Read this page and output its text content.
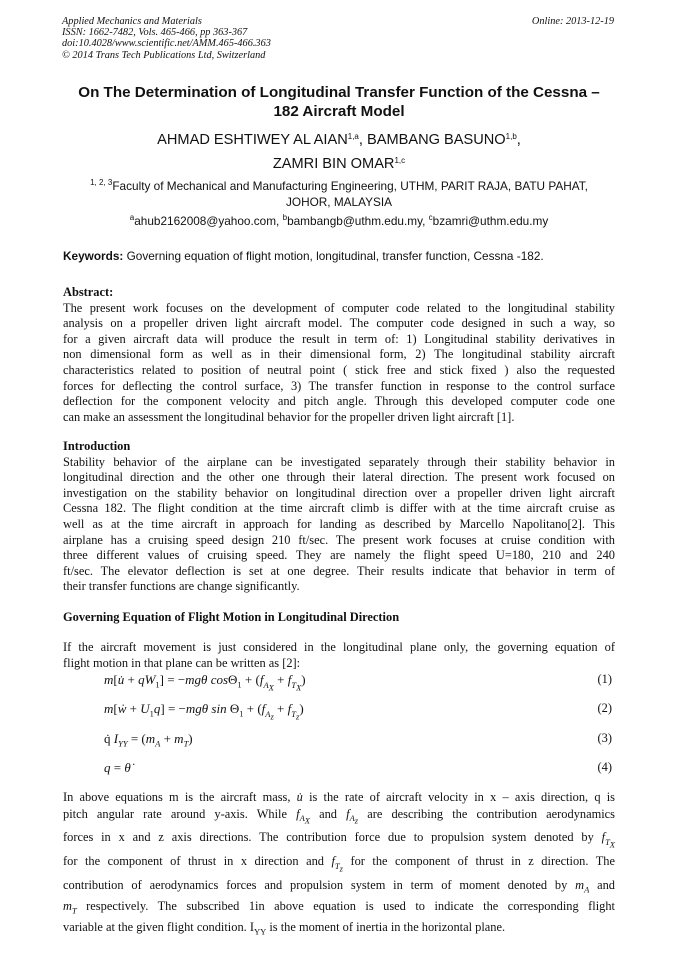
Applied Mechanics and Materials
ISSN: 1662-7482, Vols. 465-466, pp 363-367
doi:10.4028/www.scientific.net/AMM.465-466.363
© 2014 Trans Tech Publications Ltd, Switzerland
Online: 2013-12-19
On The Determination of Longitudinal Transfer Function of the Cessna –
182 Aircraft Model
AHMAD ESHTIWEY AL AIAN$^{1,a}$, BAMBANG BASUNO$^{1,b}$,
ZAMRI BIN OMAR$^{1,c}$
$^{1, 2, 3}$Faculty of Mechanical and Manufacturing Engineering, UTHM, PARIT RAJA, BATU PAHAT,
JOHOR, MALAYSIA
$^a$ahub2162008@yahoo.com, $^b$bambangb@uthm.edu.my, $^c$bzamri@uthm.edu.my
Keywords: Governing equation of flight motion, longitudinal, transfer function, Cessna -182.
Abstract:
The present work focuses on the development of computer code related to the longitudinal stability
analysis on a propeller driven light aircraft model. The computer code designed in such a way, so
for a given aircraft data will produce the result in term of: 1) Longitudinal stability derivatives in
non dimensional form as well as in their dimensional form, 2) The longitudinal stability aircraft
characteristics related to position of neutral point ( stick free and stick fixed ) also the requested
forces for deflecting the control surface, 3) The transfer function in response to the control surface
deflection for the component velocity and pitch angle. Through this developed computer code one
can make an assessment the longitudinal behavior for the propeller driven light aircraft [1].
Introduction
Stability behavior of the airplane can be investigated separately through their stability behavior in
longitudinal direction and the other one through their lateral direction. The present work focused on
investigation on the stability behavior on longitudinal direction over a propeller driven light aircraft
Cessna 182. The flight condition at the time aircraft climb is differ with at the time aircraft cruise as
well as at the time aircraft in approach for landing as described by Marcello Napolitano[2]. This
airplane has a cruising speed design 210 ft/sec. The present work focuses at cruise condition with
three different values of cruising speed. They are namely the flight speed U=180, 210 and 240
ft/sec. The elevator deflection is set at one degree. Their results indicate that behavior in term of
their transfer functions are change significantly.
Governing Equation of Flight Motion in Longitudinal Direction
If the aircraft movement is just considered in the longitudinal plane only, the governing equation of
flight motion in that plane can be written as [2]:
m[u̇ + $qW_1] = -mg\theta$ $\cos\Theta_1 + (f_{A_X} + f_{T_X})$	(1)
m[ẇ + $U_1q] = -mg\theta$ $\sin \Theta_1 + (f_{A_z} + f_{T_z})$	(2)
q̇ $I_{YY} = (m_A + m_T)$	(3)
q = θ̇	(4)
In above equations m is the aircraft mass, u̇ is the rate of aircraft velocity in x – axis direction, q is
pitch angular rate around y-axis. While $f_{A_X}$ and $f_{A_z}$ are describing the contribution aerodynamics
forces in x and z axis directions. The contribution force due to propulsion system denoted by $f_{T_X}$
for the component of thrust in x direction and $f_{T_z}$ for the component of thrust in z direction. The
contribution of aerodynamics forces and propulsion system in term of moment denoted by $m_A$ and
$m_T$ respectively. The subscribed 1in above equation is used to indicate the corresponding flight
variable at the given flight condition. $I_{YY}$ is the moment of inertia in the horizontal plane.
